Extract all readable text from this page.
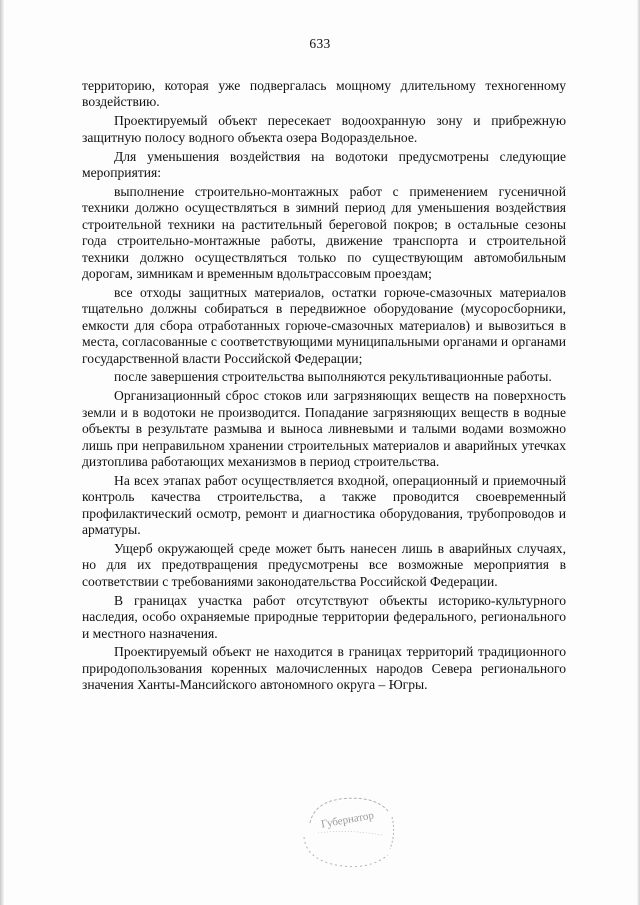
633

территорию, которая уже подвергалась мощному длительному техногенному воздействию.

Проектируемый объект пересекает водоохранную зону и прибрежную защитную полосу водного объекта озера Водораздельное.

Для уменьшения воздействия на водотоки предусмотрены следующие мероприятия:

выполнение строительно-монтажных работ с применением гусеничной техники должно осуществляться в зимний период для уменьшения воздействия строительной техники на растительный береговой покров; в остальные сезоны года строительно-монтажные работы, движение транспорта и строительной техники должно осуществляться только по существующим автомобильным дорогам, зимникам и временным вдольтрассовым проездам;

все отходы защитных материалов, остатки горюче-смазочных материалов тщательно должны собираться в передвижное оборудование (мусоросборники, емкости для сбора отработанных горюче-смазочных материалов) и вывозиться в места, согласованные с соответствующими муниципальными органами и органами государственной власти Российской Федерации;

после завершения строительства выполняются рекультивационные работы.

Организационный сброс стоков или загрязняющих веществ на поверхность земли и в водотоки не производится. Попадание загрязняющих веществ в водные объекты в результате размыва и выноса ливневыми и талыми водами возможно лишь при неправильном хранении строительных материалов и аварийных утечках дизтоплива работающих механизмов в период строительства.

На всех этапах работ осуществляется входной, операционный и приемочный контроль качества строительства, а также проводится своевременный профилактический осмотр, ремонт и диагностика оборудования, трубопроводов и арматуры.

Ущерб окружающей среде может быть нанесен лишь в аварийных случаях, но для их предотвращения предусмотрены все возможные мероприятия в соответствии с требованиями законодательства Российской Федерации.

В границах участка работ отсутствуют объекты историко-культурного наследия, особо охраняемые природные территории федерального, регионального и местного назначения.

Проектируемый объект не находится в границах территорий традиционного природопользования коренных малочисленных народов Севера регионального значения Ханты-Мансийского автономного округа – Югры.

Губернатор
